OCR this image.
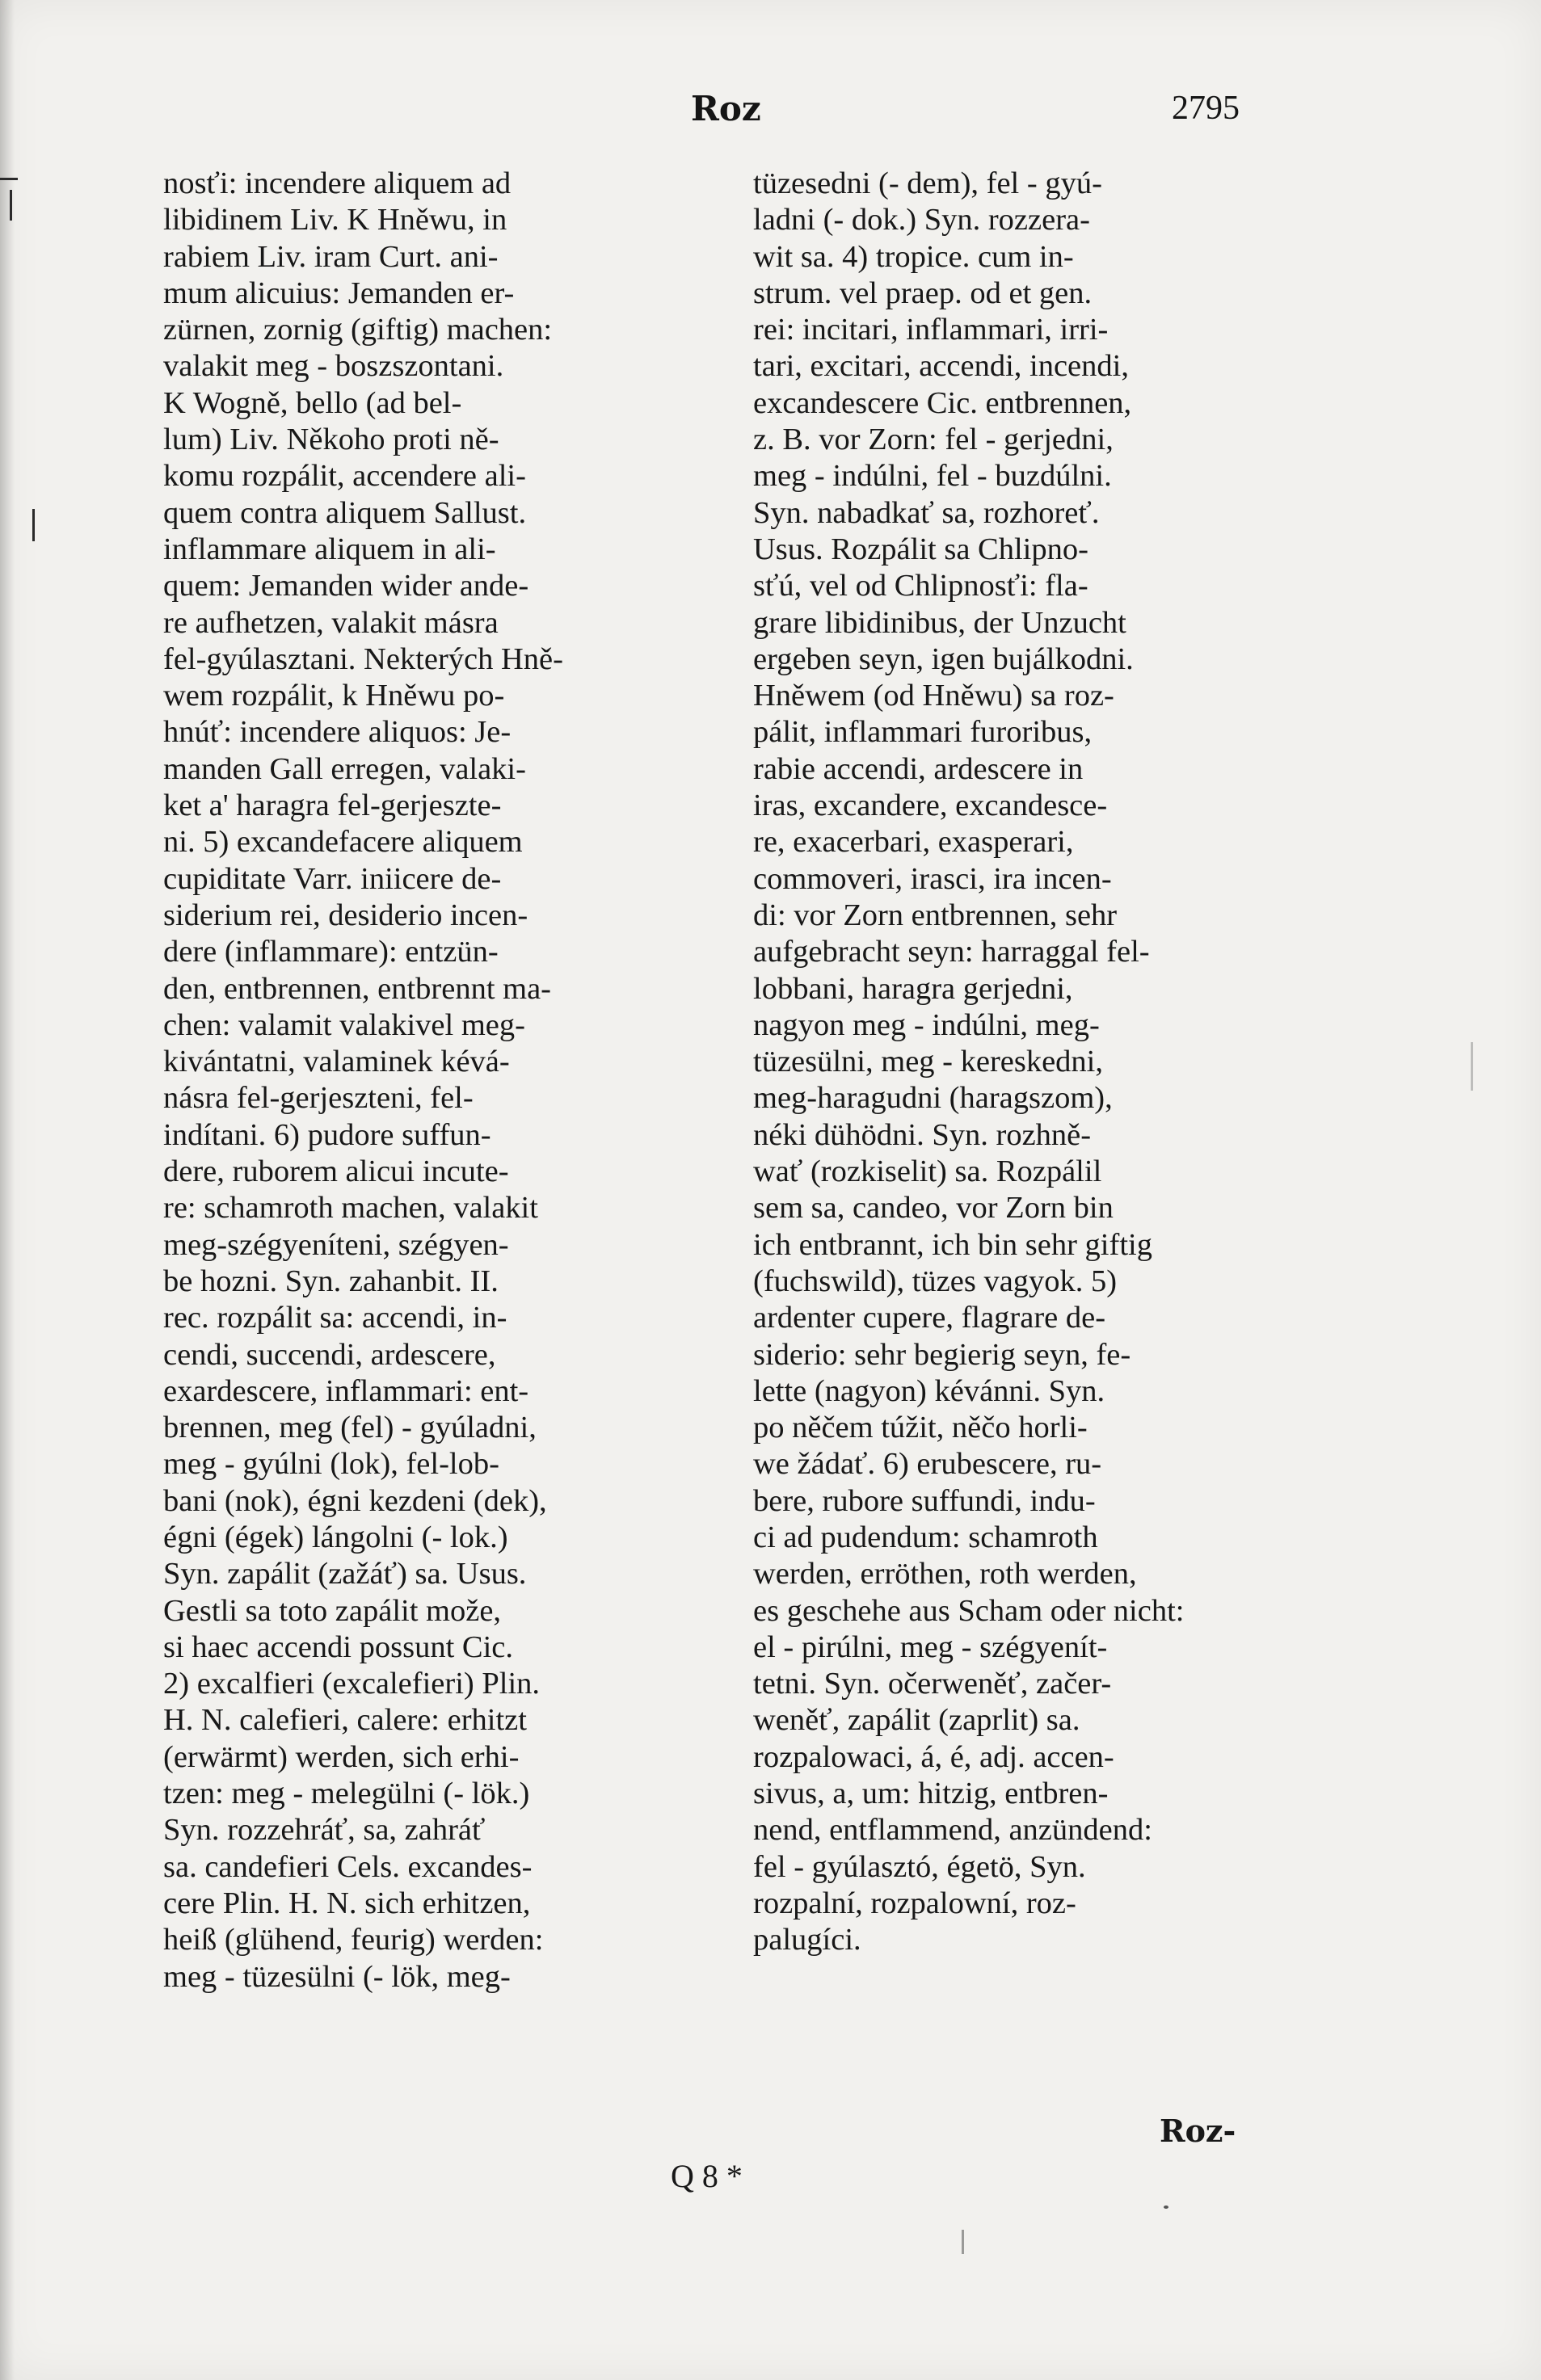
Roz	2795
nosťi: incendere aliquem ad
libidinem Liv. K Hněwu, in
rabiem Liv. iram Curt. ani-
mum alicuius: Jemanden er-
zürnen, zornig (giftig) machen:
valakit meg - boszszontani.
K Wogně, bello (ad bel-
lum) Liv. Někoho proti ně-
komu rozpálit, accendere ali-
quem contra aliquem Sallust.
inflammare aliquem in ali-
quem: Jemanden wider ande-
re aufhetzen, valakit másra
fel-gyúlasztani. Nekterých Hně-
wem rozpálit, k Hněwu po-
hnúť: incendere aliquos: Je-
manden Gall erregen, valaki-
ket a' haragra fel-gerjeszte-
ni. 5) excandefacere aliquem
cupiditate Varr. iniicere de-
siderium rei, desiderio incen-
dere (inflammare): entzün-
den, entbrennen, entbrennt ma-
chen: valamit valakivel meg-
kivántatni, valaminek kévá-
násra fel-gerjeszteni, fel-
indítani. 6) pudore suffun-
dere, ruborem alicui incute-
re: schamroth machen, valakit
meg-szégyeníteni, szégyen-
be hozni. Syn. zahanbit. II.
rec. rozpálit sa: accendi, in-
cendi, succendi, ardescere,
exardescere, inflammari: ent-
brennen, meg (fel) - gyúladni,
meg - gyúlni (lok), fel-lob-
bani (nok), égni kezdeni (dek),
égni (égek) lángolni (- lok.)
Syn. zapálit (zažáť) sa. Usus.
Gestli sa toto zapálit može,
si haec accendi possunt Cic.
2) excalfieri (excalefieri) Plin.
H. N. calefieri, calere: erhitzt
(erwärmt) werden, sich erhi-
tzen: meg - melegülni (- lök.)
Syn. rozzehráť, sa, zahráť
sa. candefieri Cels. excandes-
cere Plin. H. N. sich erhitzen,
heiß (glühend, feurig) werden:
meg - tüzesülni (- lök, meg-
tüzesedni (- dem), fel - gyú-
ladni (- dok.) Syn. rozzera-
wit sa. 4) tropice. cum in-
strum. vel praep. od et gen.
rei: incitari, inflammari, irri-
tari, excitari, accendi, incendi,
excandescere Cic. entbrennen,
z. B. vor Zorn: fel - gerjedni,
meg - indúlni, fel - buzdúlni.
Syn. nabadkať sa, rozhoreť.
Usus. Rozpálit sa Chlipno-
sťú, vel od Chlipnosťi: fla-
grare libidinibus, der Unzucht
ergeben seyn, igen bujálkodni.
Hněwem (od Hněwu) sa roz-
pálit, inflammari furoribus,
rabie accendi, ardescere in
iras, excandere, excandesce-
re, exacerbari, exasperari,
commoveri, irasci, ira incen-
di: vor Zorn entbrennen, sehr
aufgebracht seyn: harraggal fel-
lobbani, haragra gerjedni,
nagyon meg - indúlni, meg-
tüzesülni, meg - kereskedni,
meg-haragudni (haragszom),
néki dühödni. Syn. rozhně-
wať (rozkiselit) sa. Rozpálil
sem sa, candeo, vor Zorn bin
ich entbrannt, ich bin sehr giftig
(fuchswild), tüzes vagyok. 5)
ardenter cupere, flagrare de-
siderio: sehr begierig seyn, fe-
lette (nagyon) kévánni. Syn.
po něčem túžit, něčo horli-
we žádať. 6) erubescere, ru-
bere, rubore suffundi, indu-
ci ad pudendum: schamroth
werden, erröthen, roth werden,
es geschehe aus Scham oder nicht:
el - pirúlni, meg - szégyenít-
tetni. Syn. očerweněť, začer-
weněť, zapálit (zaprlit) sa.
rozpalowaci, á, é, adj. accen-
sivus, a, um: hitzig, entbren-
nend, entflammend, anzündend:
fel - gyúlasztó, égetö, Syn.
rozpalní, rozpalowní, roz-
palugíci.
Roz-
Q 8 *
